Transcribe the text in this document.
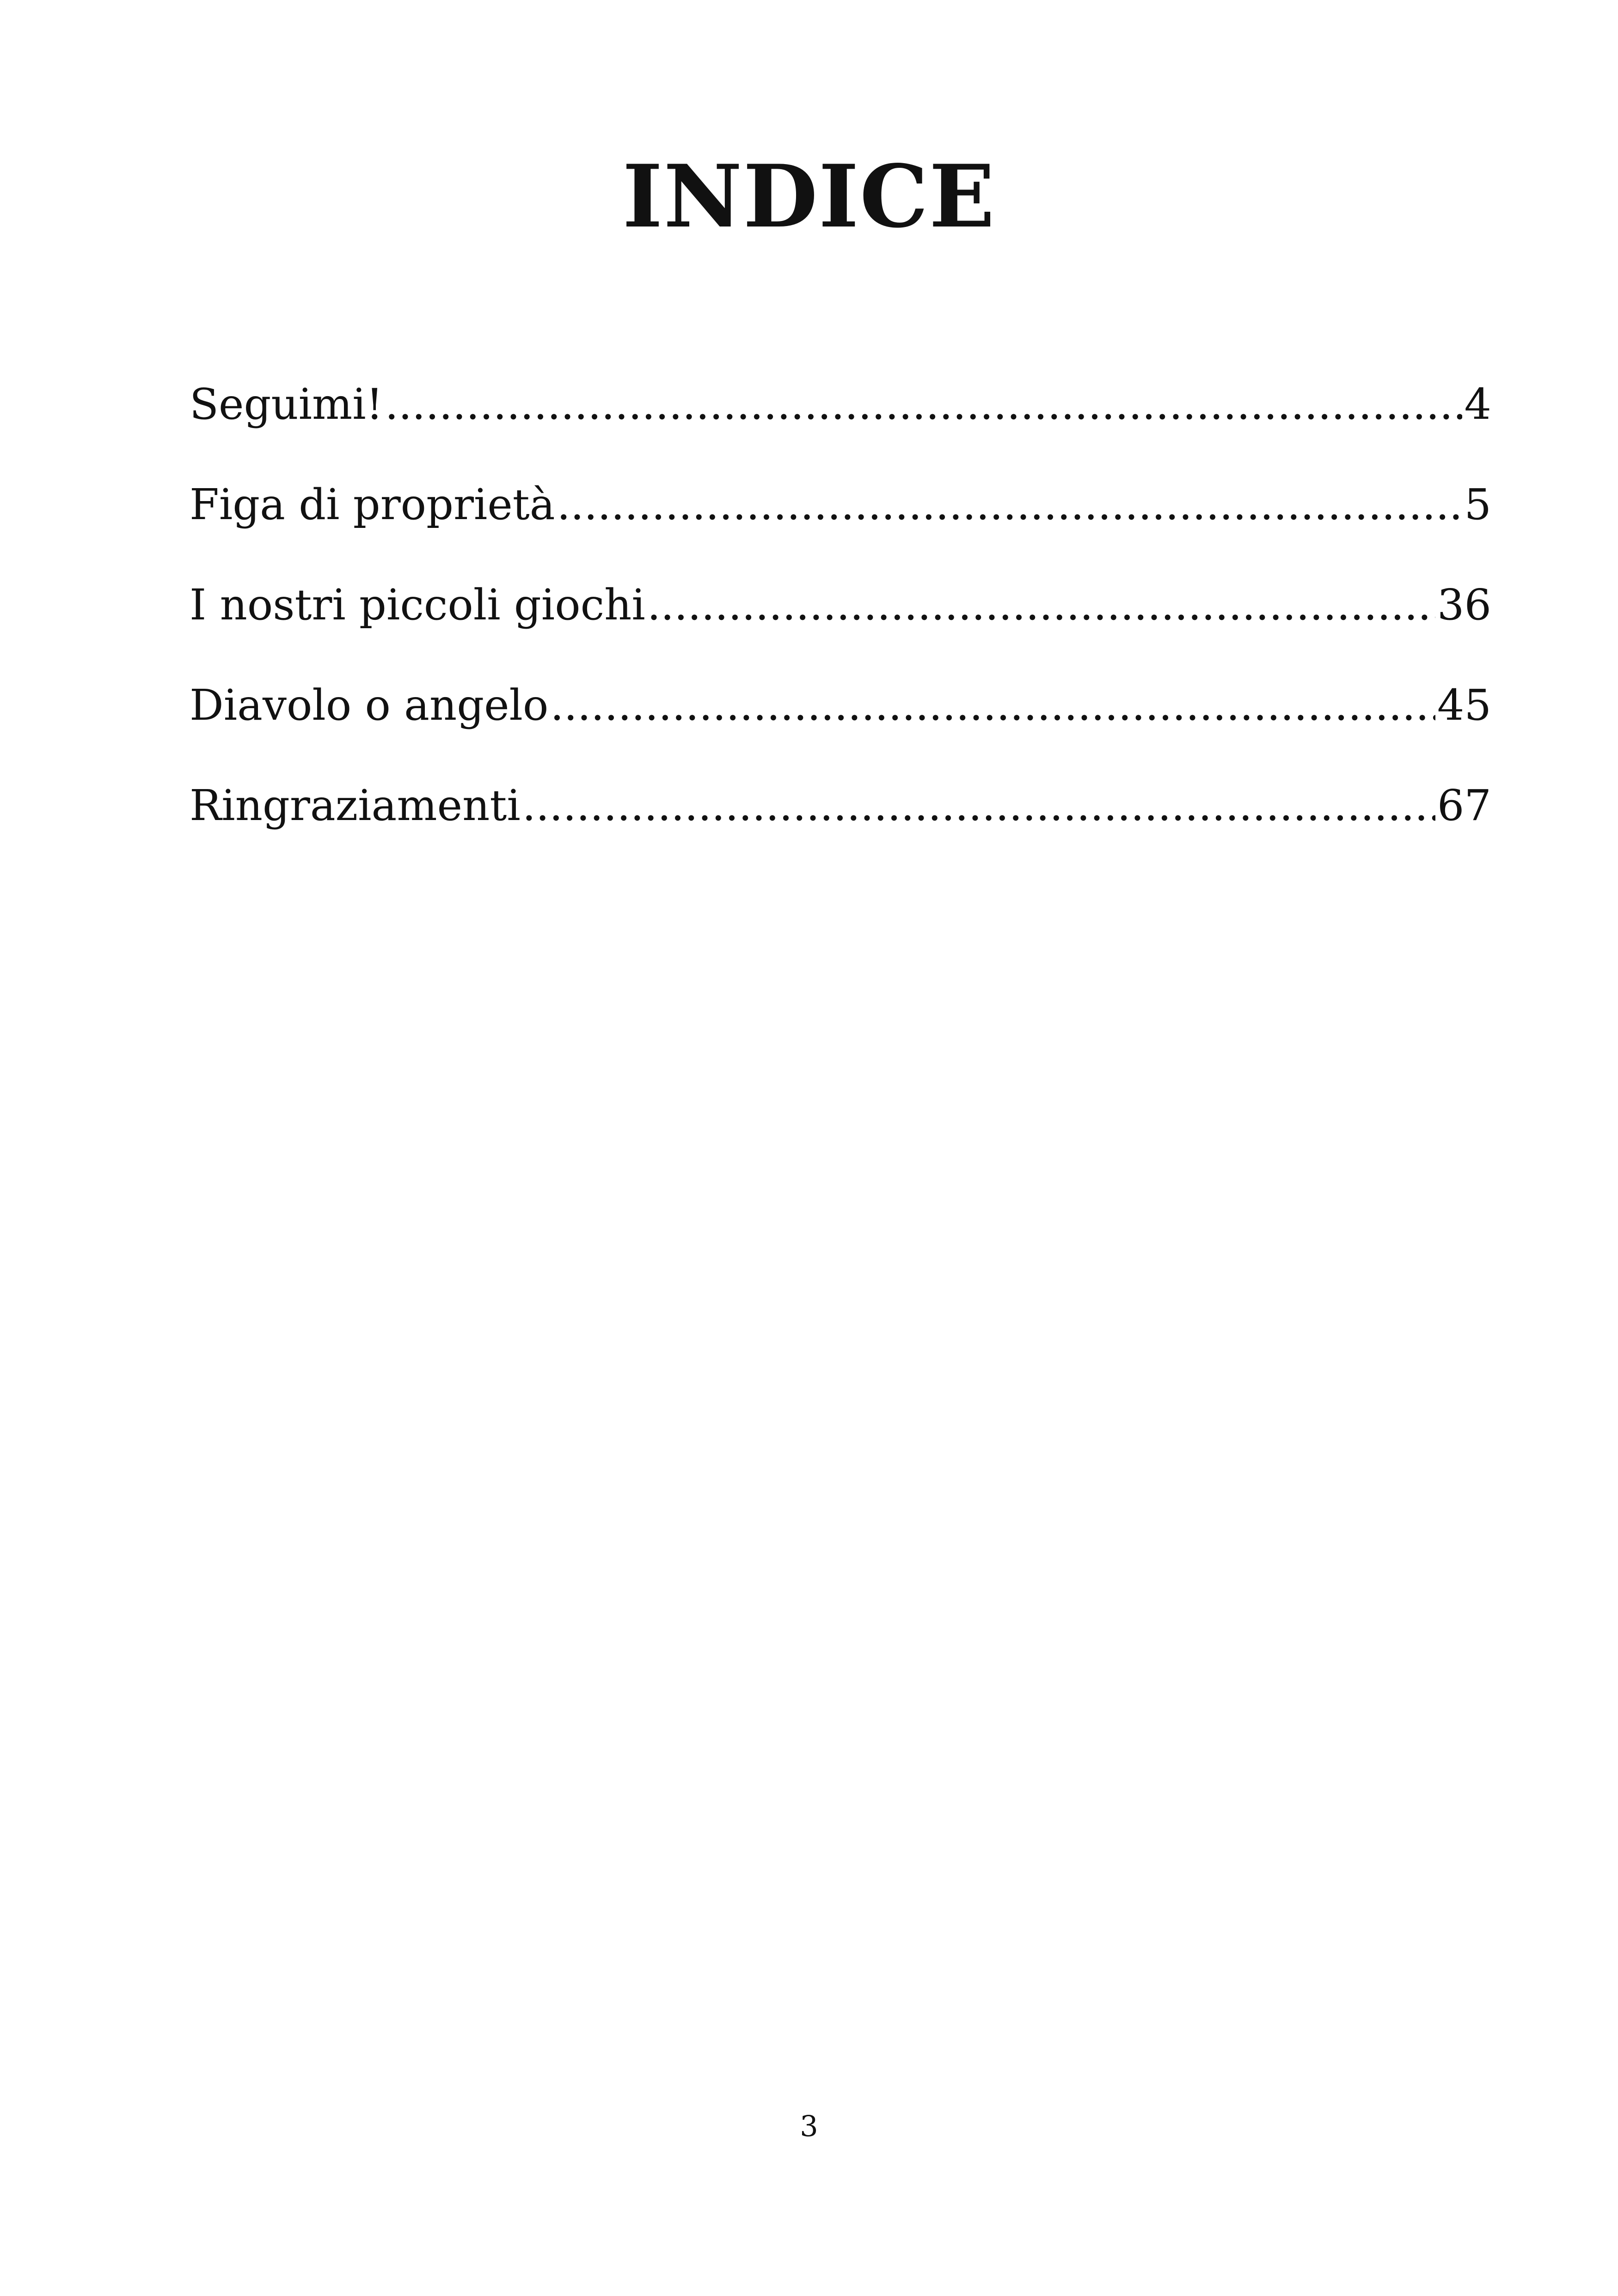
INDICE
Seguimi! .....	4
Figa di proprietà .....	5
I nostri piccoli giochi .....	36
Diavolo o angelo .....	45
Ringraziamenti .....	67
3
